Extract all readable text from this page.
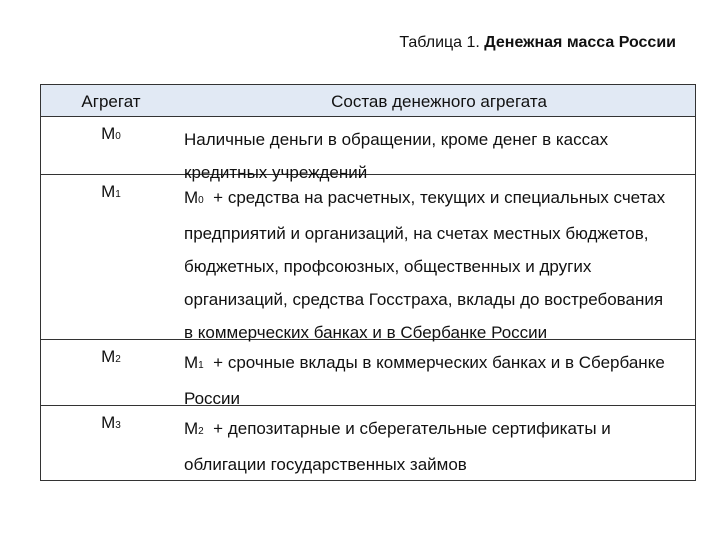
Таблица 1. Денежная масса России
Агрегат	Состав денежного агрегата
M0	Наличные деньги в обращении, кроме денег в кассах
кредитных учреждений
M1	M0  + средства на расчетных, текущих и специальных счетах
предприятий и организаций, на счетах местных бюджетов,
бюджетных, профсоюзных, общественных и других
организаций, средства Госстраха, вклады до востребования
в коммерческих банках и в Сбербанке России
M2	M1  + срочные вклады в коммерческих банках и в Сбербанке
России
M3	M2  + депозитарные и сберегательные сертификаты и
облигации государственных займов
